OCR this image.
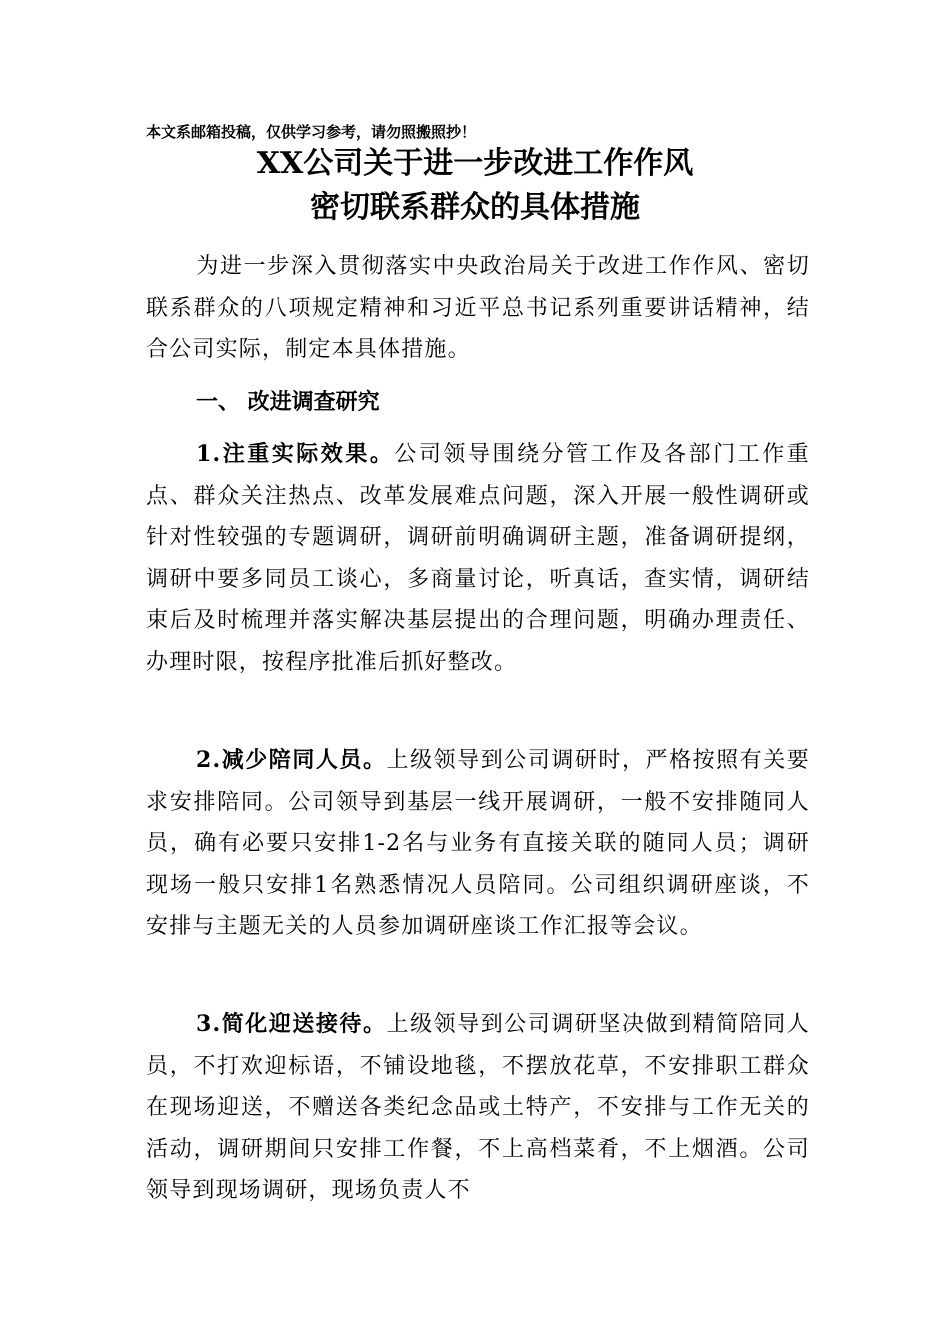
本文系邮箱投稿，仅供学习参考，请勿照搬照抄！
XX公司关于进一步改进工作作风
密切联系群众的具体措施
为进一步深入贯彻落实中央政治局关于改进工作作风、密切联系群众的八项规定精神和习近平总书记系列重要讲话精神，结合公司实际，制定本具体措施。
一、 改进调查研究
1.注重实际效果。公司领导围绕分管工作及各部门工作重点、群众关注热点、改革发展难点问题，深入开展一般性调研或针对性较强的专题调研，调研前明确调研主题，准备调研提纲，调研中要多同员工谈心，多商量讨论，听真话，查实情，调研结束后及时梳理并落实解决基层提出的合理问题，明确办理责任、办理时限，按程序批准后抓好整改。
2.减少陪同人员。上级领导到公司调研时，严格按照有关要求安排陪同。公司领导到基层一线开展调研，一般不安排随同人员，确有必要只安排1-2名与业务有直接关联的随同人员；调研现场一般只安排1名熟悉情况人员陪同。公司组织调研座谈，不安排与主题无关的人员参加调研座谈工作汇报等会议。
3.简化迎送接待。上级领导到公司调研坚决做到精简陪同人员，不打欢迎标语，不铺设地毯，不摆放花草，不安排职工群众在现场迎送，不赠送各类纪念品或土特产，不安排与工作无关的活动，调研期间只安排工作餐，不上高档菜肴，不上烟酒。公司领导到现场调研，现场负责人不
